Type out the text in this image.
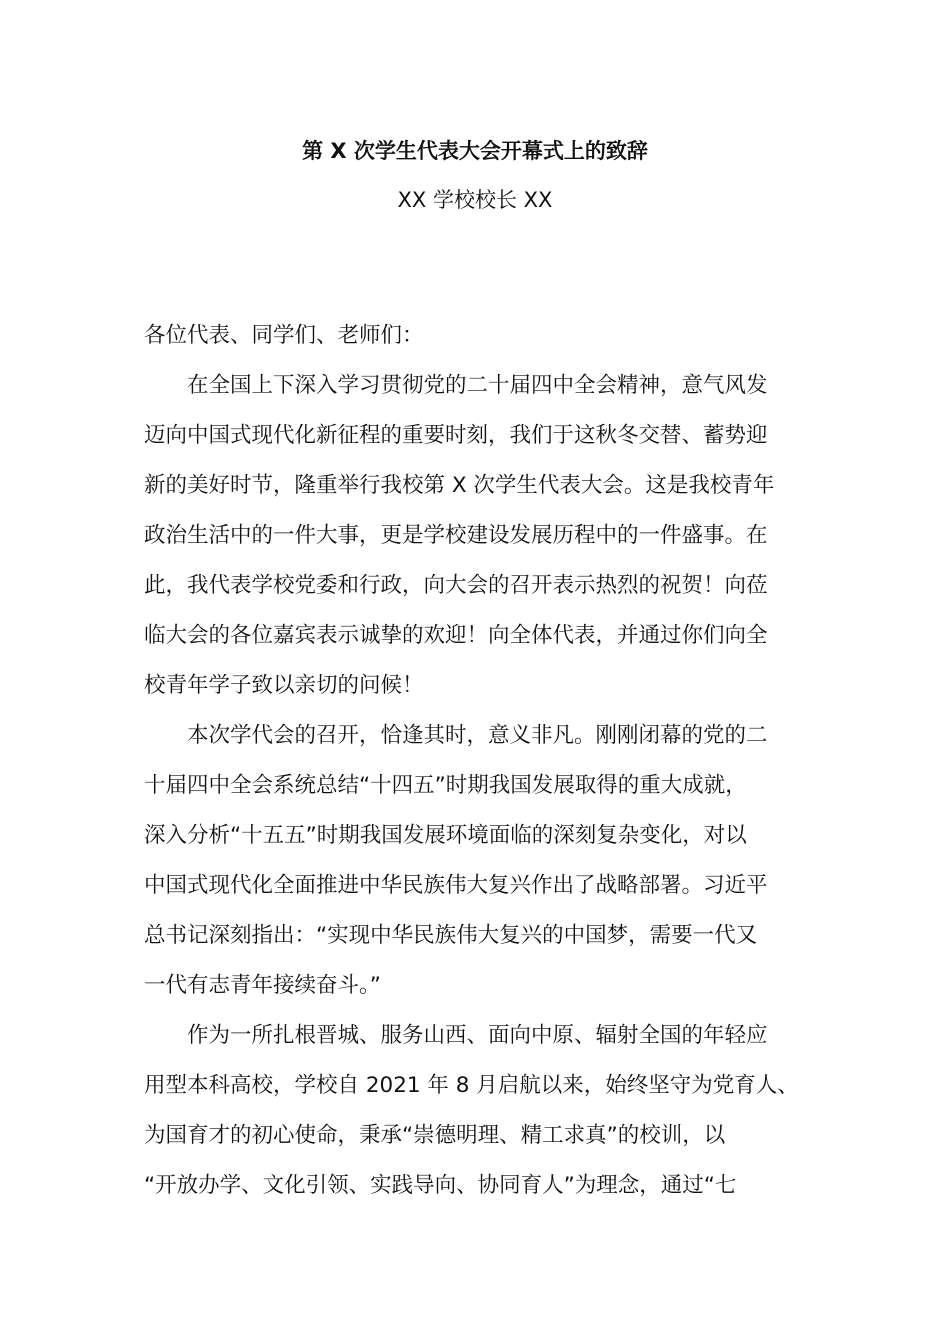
第 X 次学生代表大会开幕式上的致辞
XX 学校校长 XX
各位代表、同学们、老师们：
在全国上下深入学习贯彻党的二十届四中全会精神，意气风发
迈向中国式现代化新征程的重要时刻，我们于这秋冬交替、蓄势迎
新的美好时节，隆重举行我校第 X 次学生代表大会。这是我校青年
政治生活中的一件大事，更是学校建设发展历程中的一件盛事。在
此，我代表学校党委和行政，向大会的召开表示热烈的祝贺！向莅
临大会的各位嘉宾表示诚挚的欢迎！向全体代表，并通过你们向全
校青年学子致以亲切的问候！
本次学代会的召开，恰逢其时，意义非凡。刚刚闭幕的党的二
十届四中全会系统总结“十四五”时期我国发展取得的重大成就，
深入分析“十五五”时期我国发展环境面临的深刻复杂变化，对以
中国式现代化全面推进中华民族伟大复兴作出了战略部署。习近平
总书记深刻指出：“实现中华民族伟大复兴的中国梦，需要一代又
一代有志青年接续奋斗。”
作为一所扎根晋城、服务山西、面向中原、辐射全国的年轻应
用型本科高校，学校自 2021 年 8 月启航以来，始终坚守为党育人、
为国育才的初心使命，秉承“崇德明理、精工求真”的校训，以
“开放办学、文化引领、实践导向、协同育人”为理念，通过“七
